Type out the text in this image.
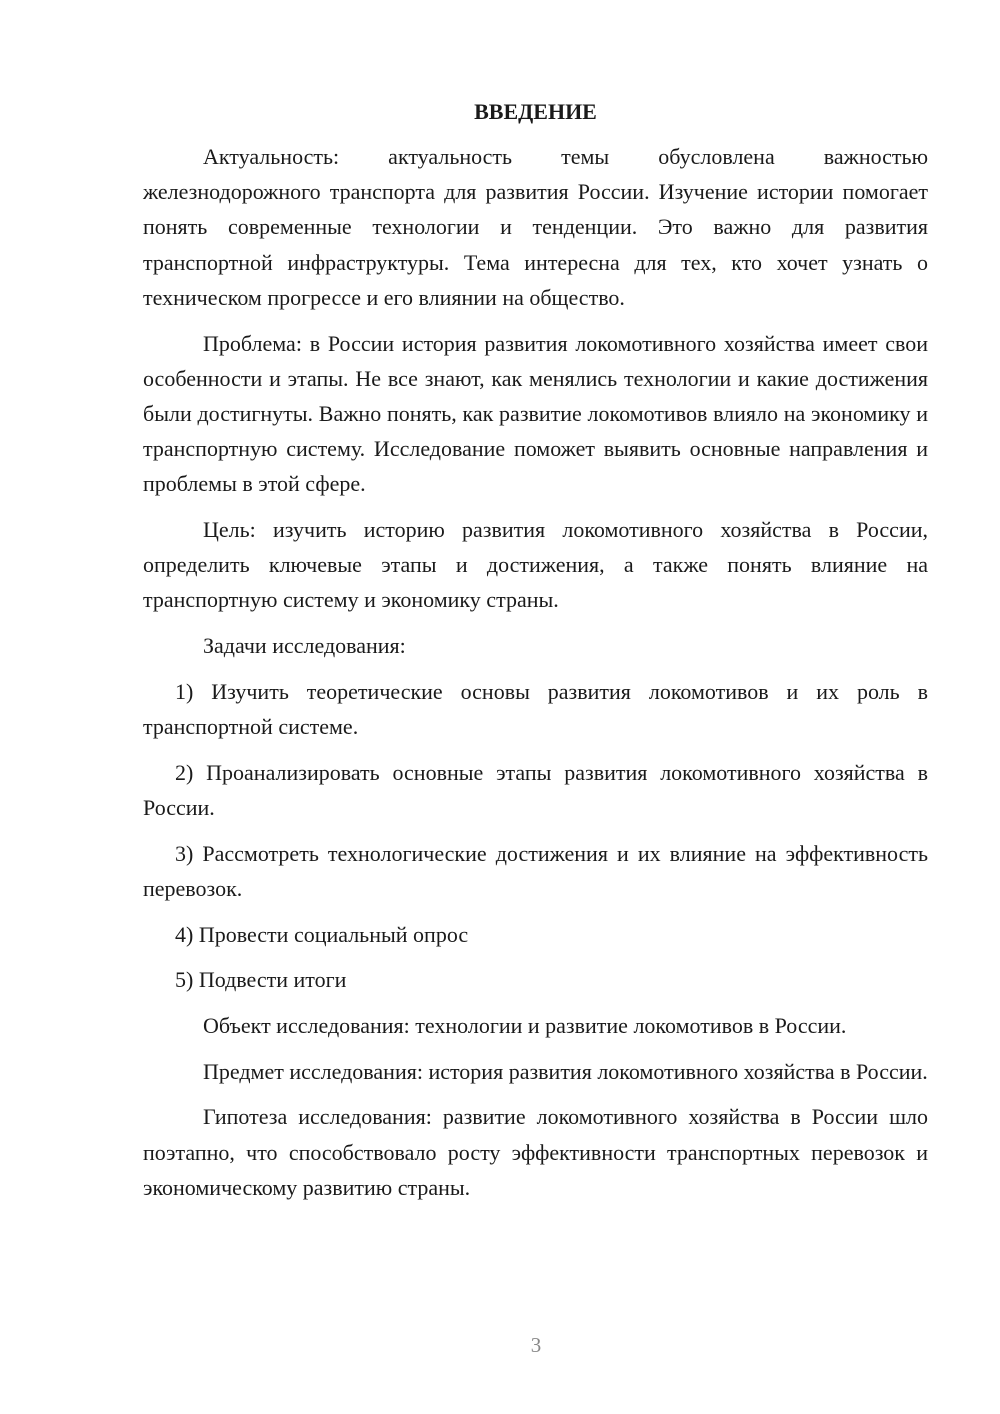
ВВЕДЕНИЕ
Актуальность: актуальность темы обусловлена важностью железнодорожного транспорта для развития России. Изучение истории помогает понять современные технологии и тенденции. Это важно для развития транспортной инфраструктуры. Тема интересна для тех, кто хочет узнать о техническом прогрессе и его влиянии на общество.
Проблема: в России история развития локомотивного хозяйства имеет свои особенности и этапы. Не все знают, как менялись технологии и какие достижения были достигнуты. Важно понять, как развитие локомотивов влияло на экономику и транспортную систему. Исследование поможет выявить основные направления и проблемы в этой сфере.
Цель: изучить историю развития локомотивного хозяйства в России, определить ключевые этапы и достижения, а также понять влияние на транспортную систему и экономику страны.
Задачи исследования:
1) Изучить теоретические основы развития локомотивов и их роль в транспортной системе.
2) Проанализировать основные этапы развития локомотивного хозяйства в России.
3) Рассмотреть технологические достижения и их влияние на эффективность перевозок.
4) Провести социальный опрос
5) Подвести итоги
Объект исследования: технологии и развитие локомотивов в России.
Предмет исследования: история развития локомотивного хозяйства в России.
Гипотеза исследования: развитие локомотивного хозяйства в России шло поэтапно, что способствовало росту эффективности транспортных перевозок и экономическому развитию страны.
3
